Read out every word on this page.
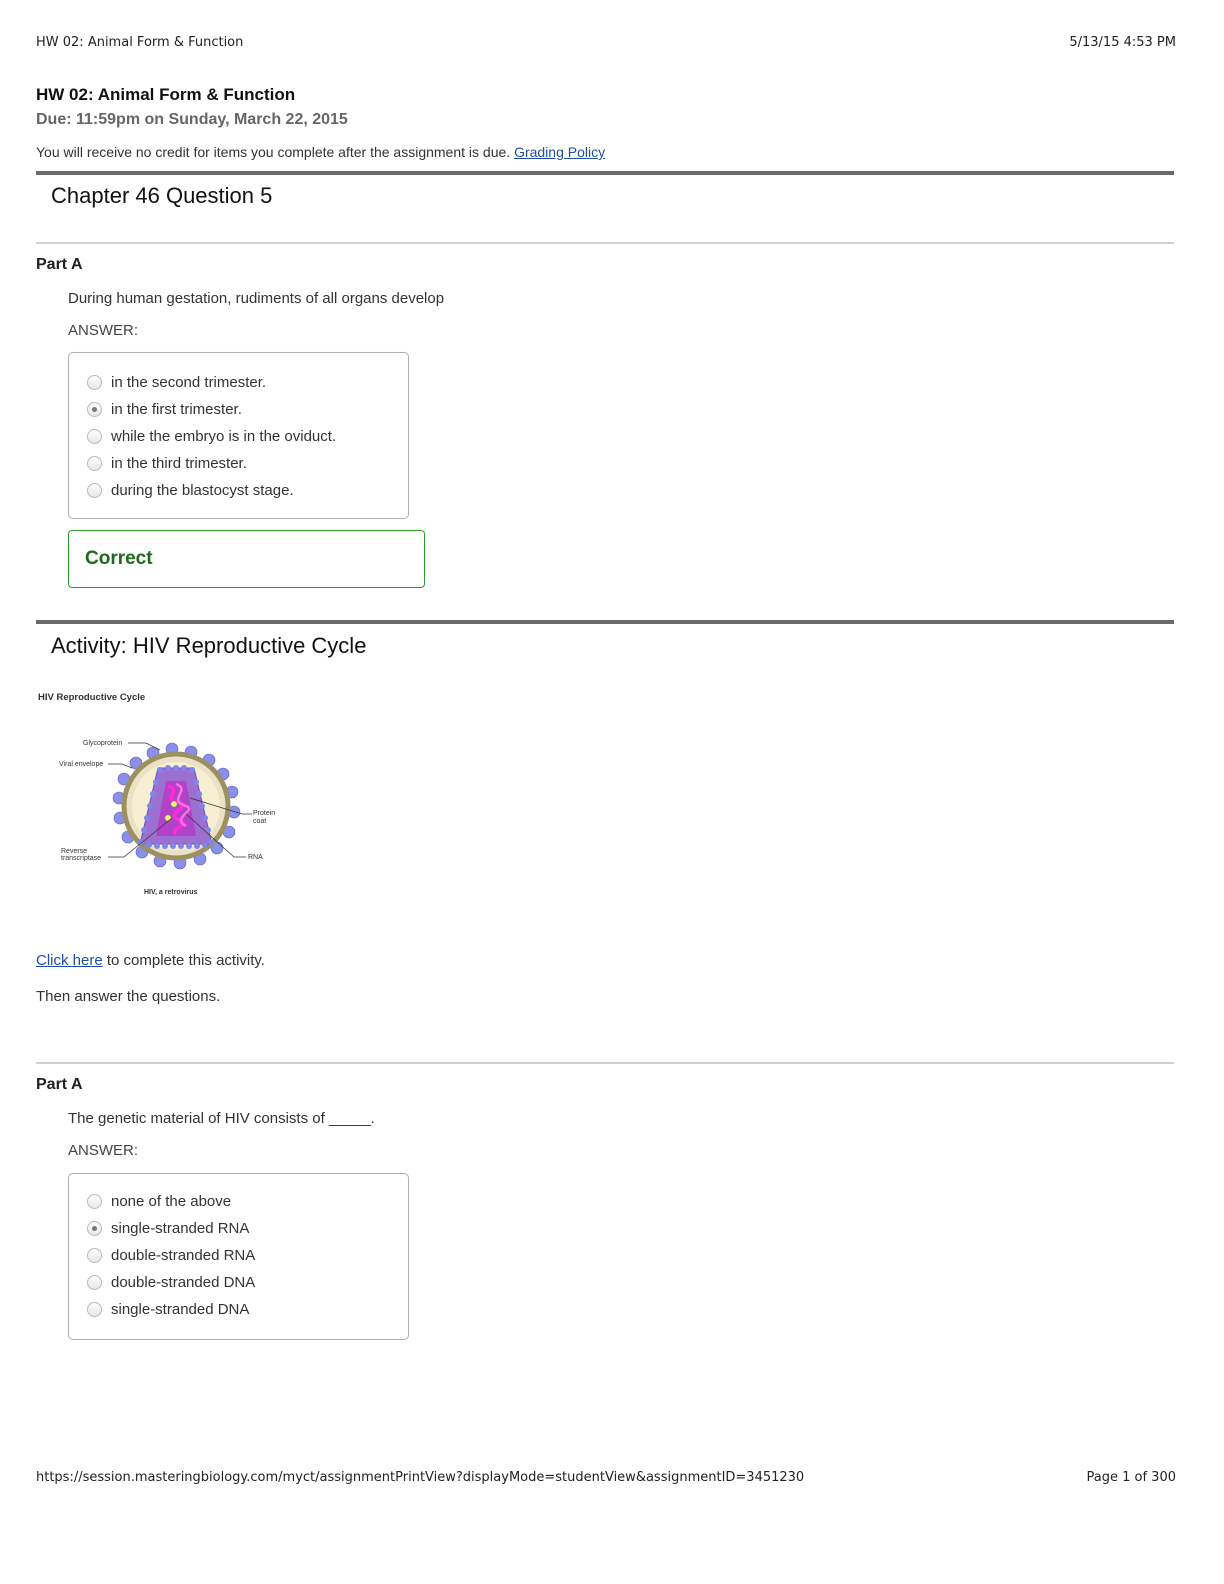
HW 02: Animal Form & Function	5/13/15 4:53 PM
HW 02: Animal Form & Function
Due: 11:59pm on Sunday, March 22, 2015
You will receive no credit for items you complete after the assignment is due. Grading Policy
Chapter 46 Question 5
Part A
During human gestation, rudiments of all organs develop
ANSWER:
in the second trimester.
in the first trimester.
while the embryo is in the oviduct.
in the third trimester.
during the blastocyst stage.
Correct
Activity: HIV Reproductive Cycle
HIV Reproductive Cycle
Glycoprotein
Viral envelope
Protein
coat
Reverse
transcriptase	RNA
HIV, a retrovirus
Click here to complete this activity.
Then answer the questions.
Part A
The genetic material of HIV consists of _____.
ANSWER:
none of the above
single-stranded RNA
double-stranded RNA
double-stranded DNA
single-stranded DNA
https://session.masteringbiology.com/myct/assignmentPrintView?displayMode=studentView&assignmentID=3451230	Page 1 of 300
